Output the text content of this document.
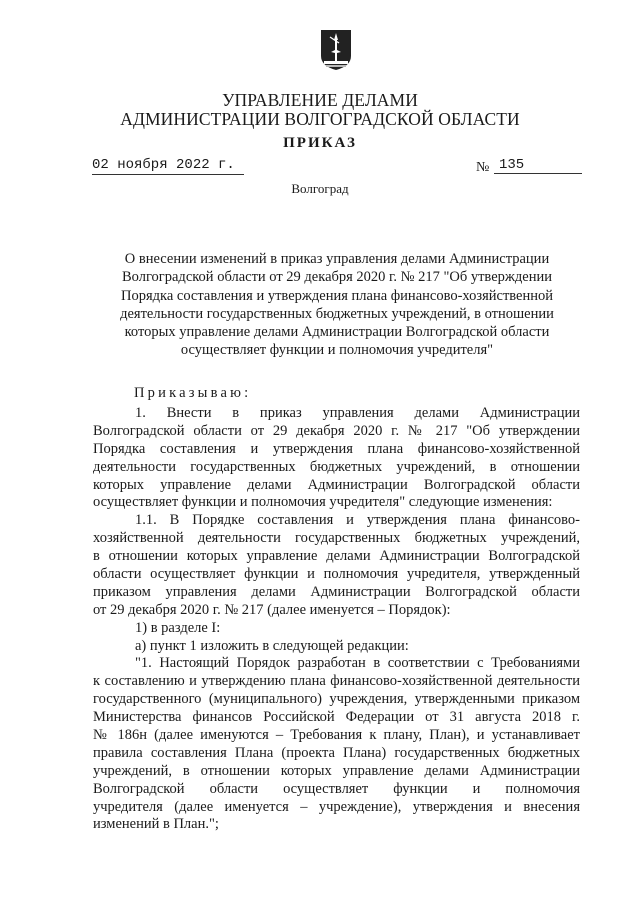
УПРАВЛЕНИЕ ДЕЛАМИ
АДМИНИСТРАЦИИ ВОЛГОГРАДСКОЙ ОБЛАСТИ
ПРИКАЗ
02 ноября 2022 г.	№ 135
Волгоград
О внесении изменений в приказ управления делами Администрации
Волгоградской области от 29 декабря 2020 г. № 217 "Об утверждении
Порядка составления и утверждения плана финансово-хозяйственной
деятельности государственных бюджетных учреждений, в отношении
которых управление делами Администрации Волгоградской области
осуществляет функции и полномочия учредителя"
Приказываю:
1. Внести в приказ управления делами Администрации
Волгоградской области от 29 декабря 2020 г. № 217 "Об утверждении
Порядка составления и утверждения плана финансово-хозяйственной
деятельности государственных бюджетных учреждений, в отношении
которых управление делами Администрации Волгоградской области
осуществляет функции и полномочия учредителя" следующие изменения:
1.1. В Порядке составления и утверждения плана финансово-
хозяйственной деятельности государственных бюджетных учреждений,
в отношении которых управление делами Администрации Волгоградской
области осуществляет функции и полномочия учредителя, утвержденный
приказом управления делами Администрации Волгоградской области
от 29 декабря 2020 г. № 217 (далее именуется – Порядок):
1) в разделе I:
а) пункт 1 изложить в следующей редакции:
"1. Настоящий Порядок разработан в соответствии с Требованиями
к составлению и утверждению плана финансово-хозяйственной деятельности
государственного (муниципального) учреждения, утвержденными приказом
Министерства финансов Российской Федерации от 31 августа 2018 г.
№ 186н (далее именуются – Требования к плану, План), и устанавливает
правила составления Плана (проекта Плана) государственных бюджетных
учреждений, в отношении которых управление делами Администрации
Волгоградской области осуществляет функции и полномочия
учредителя (далее именуется – учреждение), утверждения и внесения
изменений в План.";
